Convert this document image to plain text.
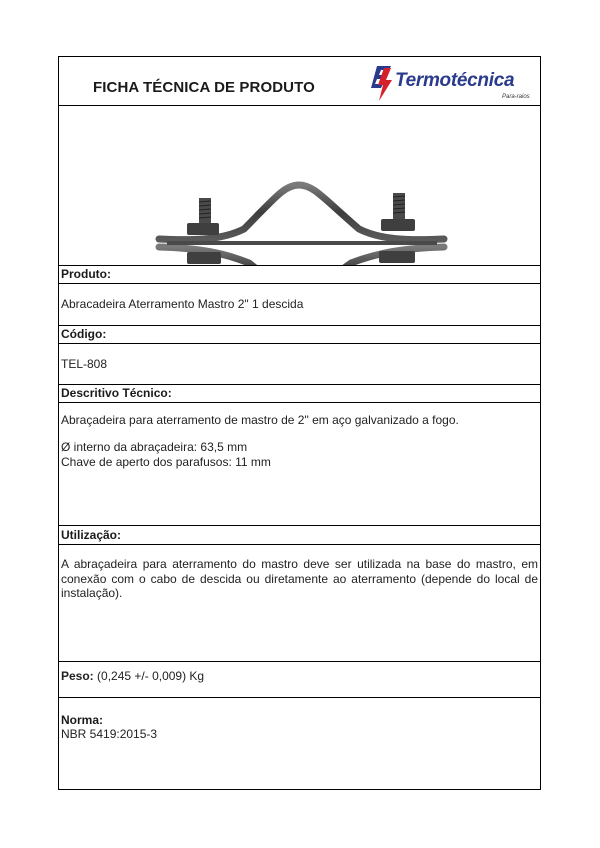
FICHA TÉCNICA DE PRODUTO	Termotécnica
Para-raios
Produto:
Abracadeira Aterramento Mastro 2" 1 descida
Código:
TEL-808
Descritivo Técnico:
Abraçadeira para aterramento de mastro de 2" em aço galvanizado a fogo.
Ø interno da abraçadeira: 63,5 mm
Chave de aperto dos parafusos: 11 mm
Utilização:
A abraçadeira para aterramento do mastro deve ser utilizada na base do mastro, em conexão com o cabo de descida ou diretamente ao aterramento (depende do local de instalação).
Peso: (0,245 +/- 0,009) Kg
Norma:
NBR 5419:2015-3
